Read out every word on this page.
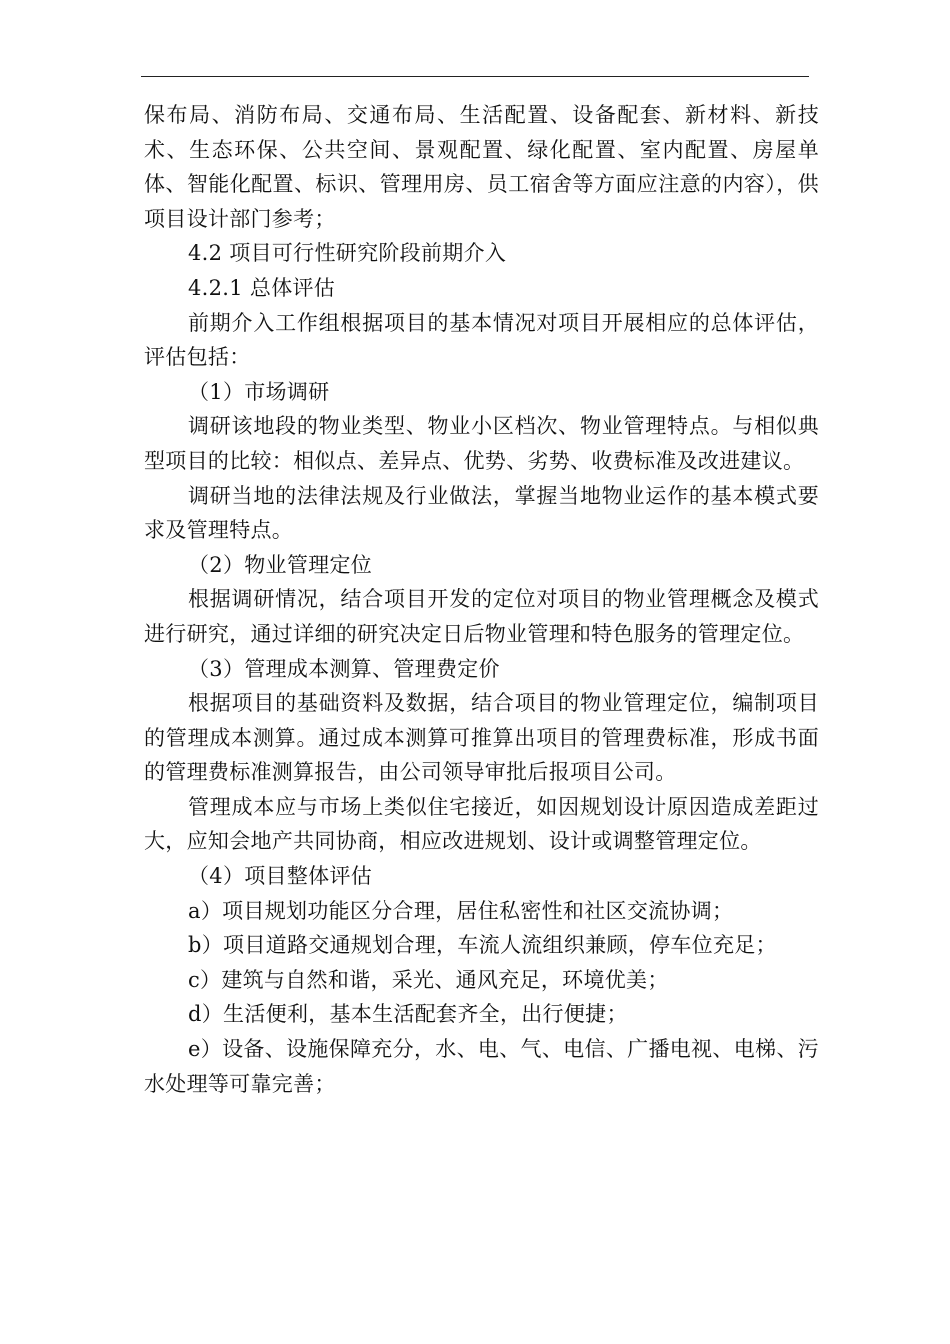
保布局、消防布局、交通布局、生活配置、设备配套、新材料、新技术、生态环保、公共空间、景观配置、绿化配置、室内配置、房屋单体、智能化配置、标识、管理用房、员工宿舍等方面应注意的内容），供项目设计部门参考；

4.2 项目可行性研究阶段前期介入

4.2.1 总体评估

前期介入工作组根据项目的基本情况对项目开展相应的总体评估，评估包括：

（1）市场调研

调研该地段的物业类型、物业小区档次、物业管理特点。与相似典型项目的比较：相似点、差异点、优势、劣势、收费标准及改进建议。

调研当地的法律法规及行业做法，掌握当地物业运作的基本模式要求及管理特点。

（2）物业管理定位

根据调研情况，结合项目开发的定位对项目的物业管理概念及模式进行研究，通过详细的研究决定日后物业管理和特色服务的管理定位。

（3）管理成本测算、管理费定价

根据项目的基础资料及数据，结合项目的物业管理定位，编制项目的管理成本测算。通过成本测算可推算出项目的管理费标准，形成书面的管理费标准测算报告，由公司领导审批后报项目公司。

管理成本应与市场上类似住宅接近，如因规划设计原因造成差距过大，应知会地产共同协商，相应改进规划、设计或调整管理定位。

（4）项目整体评估

a）项目规划功能区分合理，居住私密性和社区交流协调；

b）项目道路交通规划合理，车流人流组织兼顾，停车位充足；

c）建筑与自然和谐，采光、通风充足，环境优美；

d）生活便利，基本生活配套齐全，出行便捷；

e）设备、设施保障充分，水、电、气、电信、广播电视、电梯、污水处理等可靠完善；
